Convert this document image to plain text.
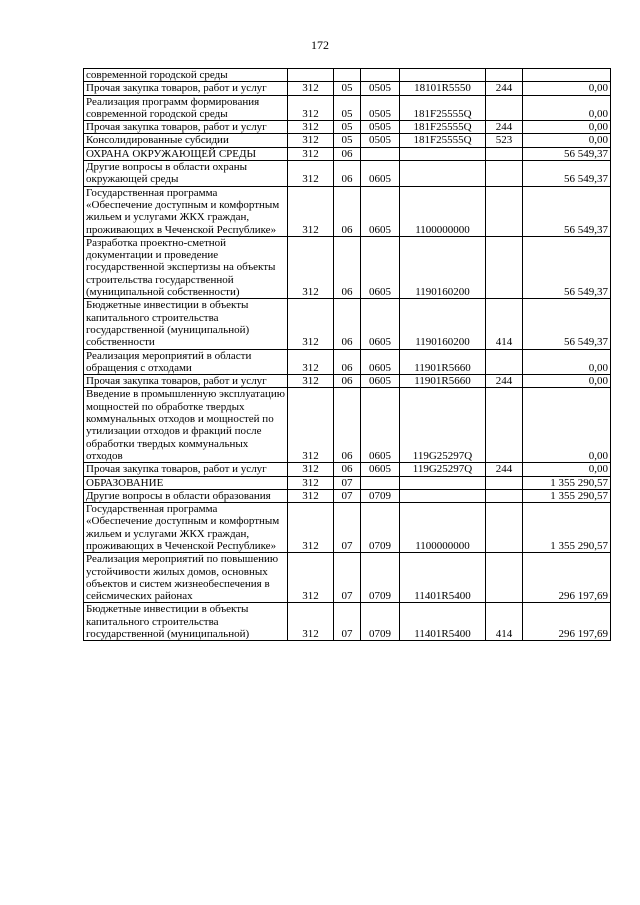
172
современной городской среды						
Прочая закупка товаров, работ и услуг	312	05	0505	18101R5550	244	0,00
Реализация программ формирования современной городской среды	312	05	0505	181F25555Q		0,00
Прочая закупка товаров, работ и услуг	312	05	0505	181F25555Q	244	0,00
Консолидированные субсидии	312	05	0505	181F25555Q	523	0,00
ОХРАНА ОКРУЖАЮЩЕЙ СРЕДЫ	312	06				56 549,37
Другие вопросы в области охраны окружающей среды	312	06	0605			56 549,37
Государственная программа «Обеспечение доступным и комфортным жильем и услугами ЖКХ граждан, проживающих в Чеченской Республике»	312	06	0605	1100000000		56 549,37
Разработка проектно-сметной документации и проведение государственной экспертизы на объекты строительства государственной (муниципальной собственности)	312	06	0605	1190160200		56 549,37
Бюджетные инвестиции в объекты капитального строительства государственной (муниципальной) собственности	312	06	0605	1190160200	414	56 549,37
Реализация мероприятий в области обращения с отходами	312	06	0605	11901R5660		0,00
Прочая закупка товаров, работ и услуг	312	06	0605	11901R5660	244	0,00
Введение в промышленную эксплуатацию мощностей по обработке твердых коммунальных отходов и мощностей по утилизации отходов и фракций после обработки твердых коммунальных отходов	312	06	0605	119G25297Q		0,00
Прочая закупка товаров, работ и услуг	312	06	0605	119G25297Q	244	0,00
ОБРАЗОВАНИЕ	312	07				1 355 290,57
Другие вопросы в области образования	312	07	0709			1 355 290,57
Государственная программа «Обеспечение доступным и комфортным жильем и услугами ЖКХ граждан, проживающих в Чеченской Республике»	312	07	0709	1100000000		1 355 290,57
Реализация мероприятий по повышению устойчивости жилых домов, основных объектов и систем жизнеобеспечения в сейсмических районах	312	07	0709	11401R5400		296 197,69
Бюджетные инвестиции в объекты капитального строительства государственной (муниципальной)	312	07	0709	11401R5400	414	296 197,69
